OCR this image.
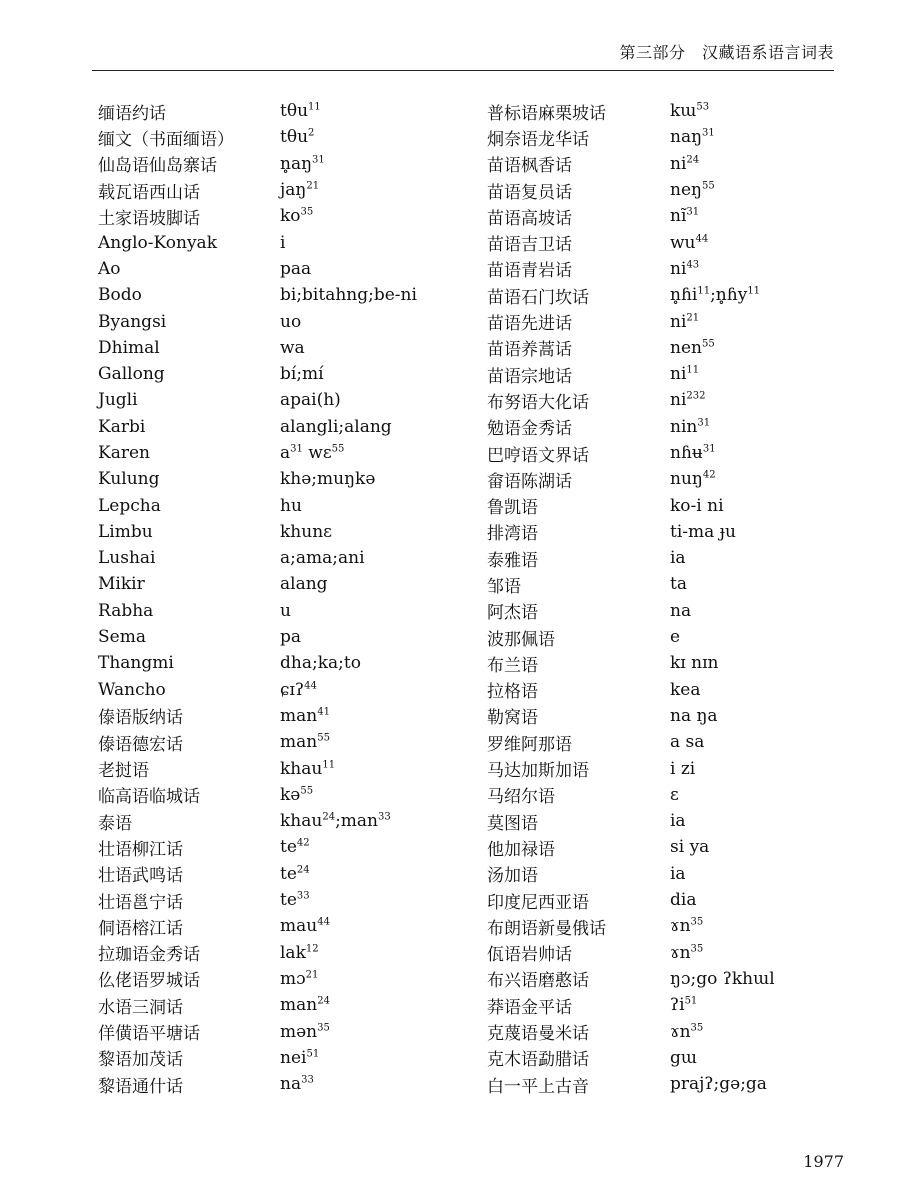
第三部分　汉藏语系语言词表
缅语约话	tθu$^{11}$
缅文（书面缅语）	tθu$^2$
仙岛语仙岛寨话	$n̥aŋ^{31}$
载瓦语西山话	jaŋ$^{21}$
土家语坡脚话	$ko^{35}$
Anglo-Konyak	i
Ao	paa
Bodo	bi;bitahng;be-ni
Byangsi	uo
Dhimal	wa
Gallong	bí;mí
Jugli	apai(h)
Karbi	alangli;alang
Karen	$a^{31}$ wɛ$^{55}$
Kulung	khə;muŋkə
Lepcha	hu
Limbu	khunɛ
Lushai	a;ama;ani
Mikir	alang
Rabha	u
Sema	pa
Thangmi	dha;ka;to
Wancho	ɕɪʔ$^{44}$
傣语版纳话	man$^{41}$
傣语德宏话	man$^{55}$
老挝语	khau$^{11}$
临高语临城话	kə$^{55}$
泰语	khau$^{24}$;man$^{33}$
壮语柳江话	$te^{42}$
壮语武鸣话	$te^{24}$
壮语邕宁话	$te^{33}$
侗语榕江话	mau$^{44}$
拉珈语金秀话	lak$^{12}$
仫佬语罗城话	mɔ$^{21}$
水语三洞话	man$^{24}$
佯僙语平塘话	mən$^{35}$
黎语加茂话	nei$^{51}$
黎语通什话	$na^{33}$
普标语麻栗坡话	kɯ$^{53}$
炯奈语龙华话	naŋ$^{31}$
苗语枫香话	$ni^{24}$
苗语复员话	neŋ$^{55}$
苗语高坡话	$nĩ^{31}$
苗语吉卫话	$wu^{44}$
苗语青岩话	$ni^{43}$
苗语石门坎话	n̥ɦi$^{11}$;n̥ɦy$^{11}$
苗语先进话	$ni^{21}$
苗语养蒿话	nen$^{55}$
苗语宗地话	$ni^{11}$
布努语大化话	$ni^{232}$
勉语金秀话	nin$^{31}$
巴哼语文界话	nɦʉ$^{31}$
畲语陈湖话	nuŋ$^{42}$
鲁凯语	ko-i ni
排湾语	ti-ma ɟu
泰雅语	ia
邹语	ta
阿杰语	na
波那佩语	e
布兰语	kɪ nɪn
拉格语	kea
勒窝语	na ŋa
罗维阿那语	a sa
马达加斯加语	i zi
马绍尔语	ɛ
莫图语	ia
他加禄语	si ya
汤加语	ia
印度尼西亚语	dia
布朗语新曼俄话	ɤn$^{35}$
佤语岩帅话	ɤn$^{35}$
布兴语磨憨话	ŋɔ;go ʔkhɯl
莽语金平话	ʔi$^{51}$
克蔑语曼米话	ɤn$^{35}$
克木语勐腊话	gɯ
白一平上古音	prajʔ;gə;ga
1977
